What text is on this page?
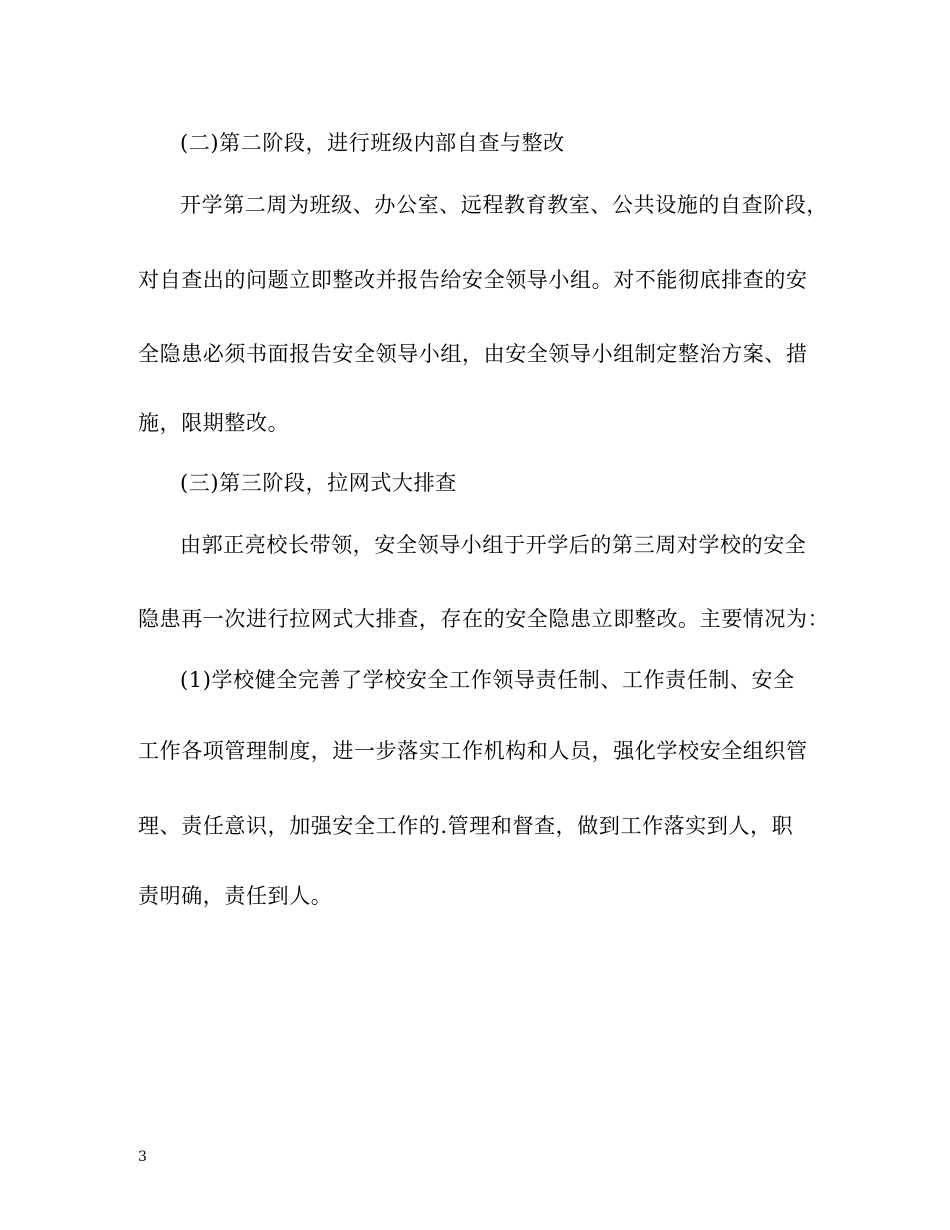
(二)第二阶段，进行班级内部自查与整改
开学第二周为班级、办公室、远程教育教室、公共设施的自查阶段，
对自查出的问题立即整改并报告给安全领导小组。对不能彻底排查的安
全隐患必须书面报告安全领导小组，由安全领导小组制定整治方案、措
施，限期整改。
(三)第三阶段，拉网式大排查
由郭正亮校长带领，安全领导小组于开学后的第三周对学校的安全
隐患再一次进行拉网式大排查，存在的安全隐患立即整改。主要情况为：
(1)学校健全完善了学校安全工作领导责任制、工作责任制、安全
工作各项管理制度，进一步落实工作机构和人员，强化学校安全组织管
理、责任意识，加强安全工作的.管理和督查，做到工作落实到人，职
责明确，责任到人。
3
